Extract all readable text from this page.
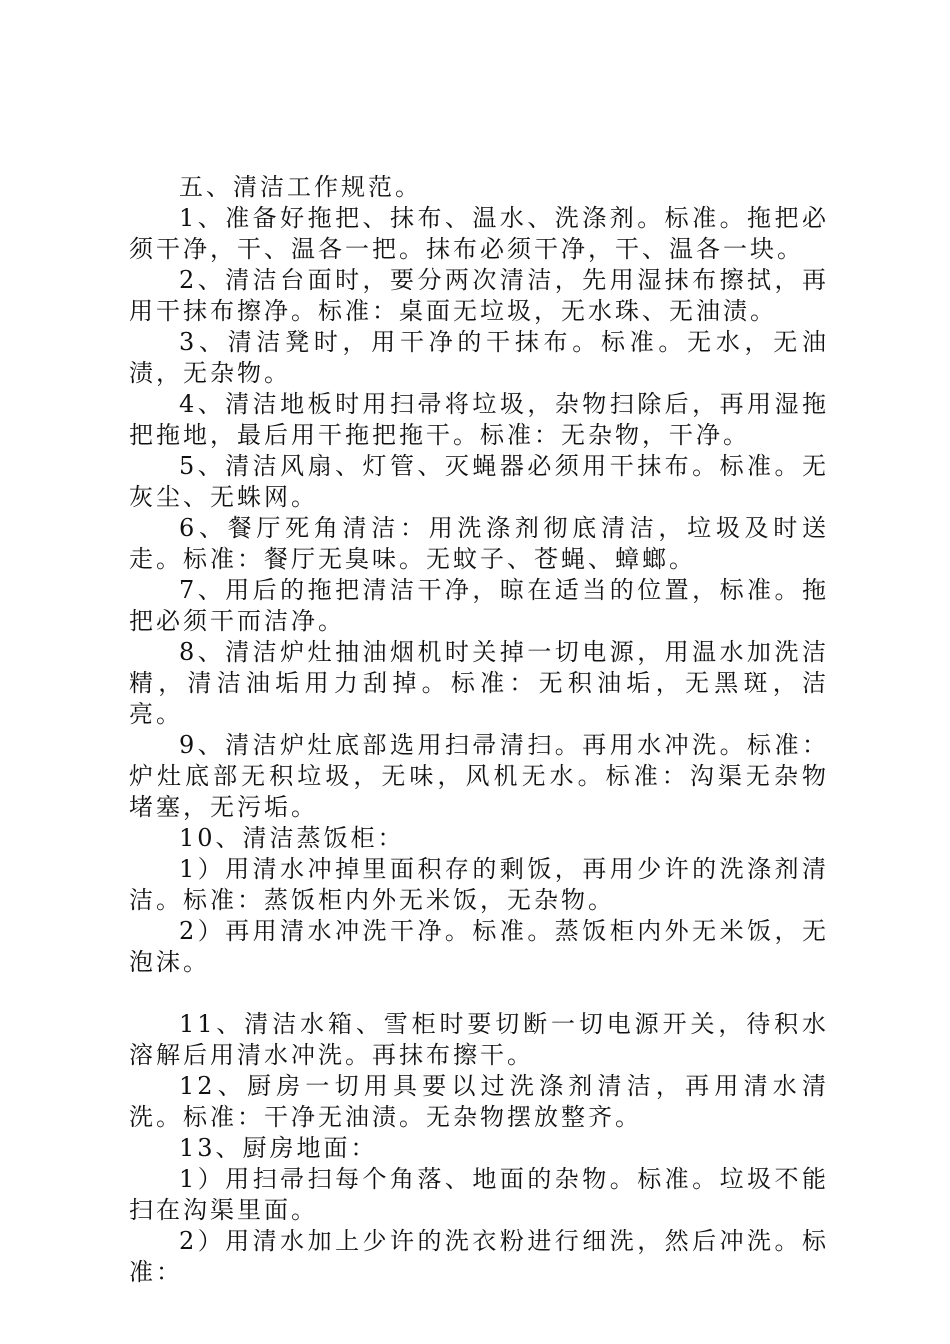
五、清洁工作规范。

1、准备好拖把、抹布、温水、洗涤剂。标准。拖把必须干净，干、温各一把。抹布必须干净，干、温各一块。

2、清洁台面时，要分两次清洁，先用湿抹布擦拭，再用干抹布擦净。标准：桌面无垃圾，无水珠、无油渍。

3、清洁凳时，用干净的干抹布。标准。无水，无油渍，无杂物。

4、清洁地板时用扫帚将垃圾，杂物扫除后，再用湿拖把拖地，最后用干拖把拖干。标准：无杂物，干净。

5、清洁风扇、灯管、灭蝇器必须用干抹布。标准。无灰尘、无蛛网。

6、餐厅死角清洁：用洗涤剂彻底清洁，垃圾及时送走。标准：餐厅无臭味。无蚊子、苍蝇、蟑螂。

7、用后的拖把清洁干净，晾在适当的位置，标准。拖把必须干而洁净。

8、清洁炉灶抽油烟机时关掉一切电源，用温水加洗洁精，清洁油垢用力刮掉。标准：无积油垢，无黑斑，洁亮。

9、清洁炉灶底部选用扫帚清扫。再用水冲洗。标准：炉灶底部无积垃圾，无味，风机无水。标准：沟渠无杂物堵塞，无污垢。

10、清洁蒸饭柜：

1）用清水冲掉里面积存的剩饭，再用少许的洗涤剂清洁。标准：蒸饭柜内外无米饭，无杂物。

2）再用清水冲洗干净。标准。蒸饭柜内外无米饭，无泡沫。

11、清洁水箱、雪柜时要切断一切电源开关，待积水溶解后用清水冲洗。再抹布擦干。

12、厨房一切用具要以过洗涤剂清洁，再用清水清洗。标准：干净无油渍。无杂物摆放整齐。

13、厨房地面：

1）用扫帚扫每个角落、地面的杂物。标准。垃圾不能扫在沟渠里面。

2）用清水加上少许的洗衣粉进行细洗，然后冲洗。标准：
